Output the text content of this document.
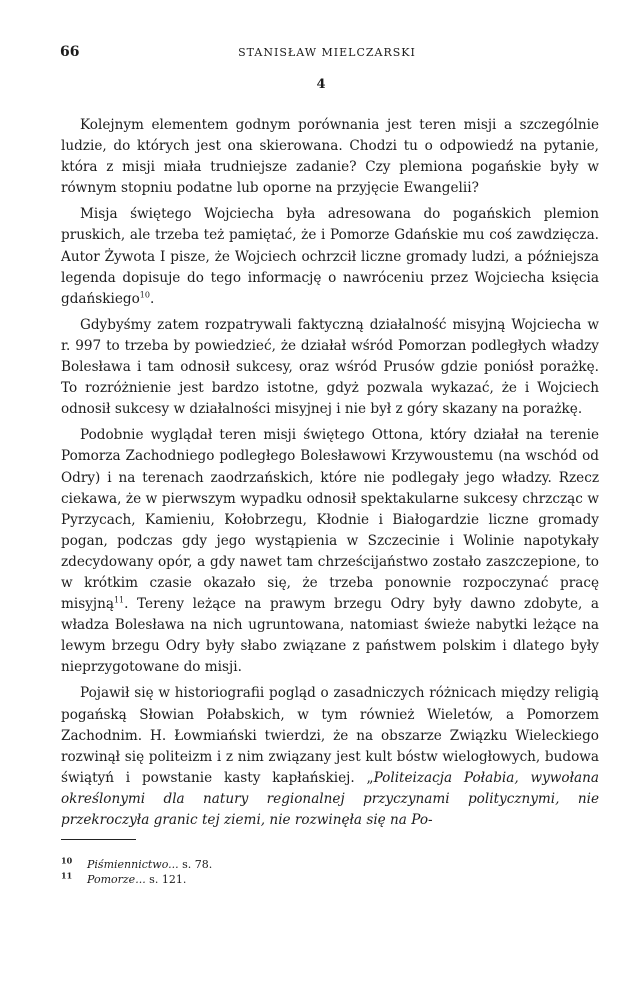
66	STANISŁAW MIELCZARSKI
4

Kolejnym elementem godnym porównania jest teren misji a szczególnie ludzie, do których jest ona skierowana. Chodzi tu o odpowiedź na pytanie, która z misji miała trudniejsze zadanie? Czy plemiona pogańskie były w równym stopniu podatne lub oporne na przyjęcie Ewangelii?

Misja świętego Wojciecha była adresowana do pogańskich plemion pruskich, ale trzeba też pamiętać, że i Pomorze Gdańskie mu coś zawdzięcza. Autor Żywota I pisze, że Wojciech ochrzcił liczne gromady ludzi, a późniejsza legenda dopisuje do tego informację o nawróceniu przez Wojciecha księcia gdańskiego$^{10}$.

Gdybyśmy zatem rozpatrywali faktyczną działalność misyjną Wojciecha w r. 997 to trzeba by powiedzieć, że działał wśród Pomorzan podległych władzy Bolesława i tam odnosił sukcesy, oraz wśród Prusów gdzie poniósł porażkę. To rozróżnienie jest bardzo istotne, gdyż pozwala wykazać, że i Wojciech odnosił sukcesy w działalności misyjnej i nie był z góry skazany na porażkę.

Podobnie wyglądał teren misji świętego Ottona, który działał na terenie Pomorza Zachodniego podległego Bolesławowi Krzywoustemu (na wschód od Odry) i na terenach zaodrzańskich, które nie podlegały jego władzy. Rzecz ciekawa, że w pierwszym wypadku odnosił spektakularne sukcesy chrzcząc w Pyrzycach, Kamieniu, Kołobrzegu, Kłodnie i Białogardzie liczne gromady pogan, podczas gdy jego wystąpienia w Szczecinie i Wolinie napotykały zdecydowany opór, a gdy nawet tam chrześcijaństwo zostało zaszczepione, to w krótkim czasie okazało się, że trzeba ponownie rozpoczynać pracę misyjną$^{11}$. Tereny leżące na prawym brzegu Odry były dawno zdobyte, a władza Bolesława na nich ugruntowana, natomiast świeże nabytki leżące na lewym brzegu Odry były słabo związane z państwem polskim i dlatego były nieprzygotowane do misji.

Pojawił się w historiografii pogląd o zasadniczych różnicach między religią pogańską Słowian Połabskich, w tym również Wieletów, a Pomorzem Zachodnim. H. Łowmiański twierdzi, że na obszarze Związku Wieleckiego rozwinął się politeizm i z nim związany jest kult bóstw wielogłowych, budowa świątyń i powstanie kasty kapłańskiej. „Politeizacja Połabia, wywołana określonymi dla natury regionalnej przyczynami politycznymi, nie przekroczyła granic tej ziemi, nie rozwinęła się na Po-

$^{10}$ Piśmiennictwo... s. 78.
$^{11}$ Pomorze... s. 121.
